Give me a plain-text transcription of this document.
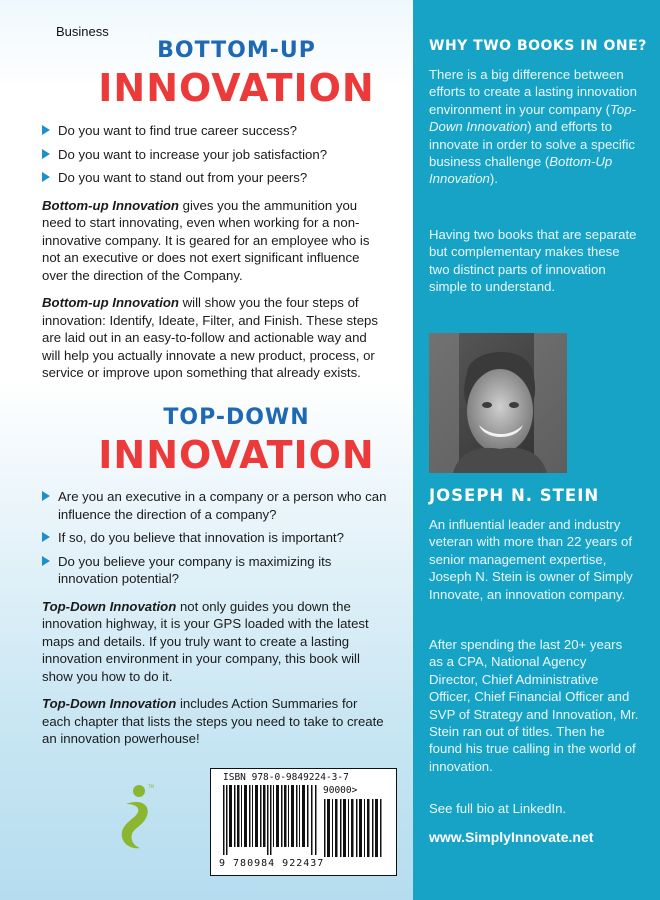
Business
BOTTOM-UP
INNOVATION
Do you want to find true career success?
Do you want to increase your job satisfaction?
Do you want to stand out from your peers?

Bottom-up Innovation gives you the ammunition you need to start innovating, even when working for a non-innovative company. It is geared for an employee who is not an executive or does not exert significant influence over the direction of the Company.

Bottom-up Innovation will show you the four steps of innovation: Identify, Ideate, Filter, and Finish. These steps are laid out in an easy-to-follow and actionable way and will help you actually innovate a new product, process, or service or improve upon something that already exists.

TOP-DOWN
INNOVATION
Are you an executive in a company or a person who can influence the direction of a company?
If so, do you believe that innovation is important?
Do you believe your company is maximizing its innovation potential?

Top-Down Innovation not only guides you down the innovation highway, it is your GPS loaded with the latest maps and details. If you truly want to create a lasting innovation environment in your company, this book will show you how to do it.

Top-Down Innovation includes Action Summaries for each chapter that lists the steps you need to take to create an innovation powerhouse!

TM
ISBN 978-0-9849224-3-7
90000>
9 780984 922437
WHY TWO BOOKS IN ONE?
There is a big difference between efforts to create a lasting innovation environment in your company (Top-Down Innovation) and efforts to innovate in order to solve a specific business challenge (Bottom-Up Innovation).
Having two books that are separate but complementary makes these two distinct parts of innovation simple to understand.
JOSEPH N. STEIN
An influential leader and industry veteran with more than 22 years of senior management expertise, Joseph N. Stein is owner of Simply Innovate, an innovation company.
After spending the last 20+ years as a CPA, National Agency Director, Chief Administrative Officer, Chief Financial Officer and SVP of Strategy and Innovation, Mr. Stein ran out of titles. Then he found his true calling in the world of innovation.
See full bio at LinkedIn.
www.SimplyInnovate.net
